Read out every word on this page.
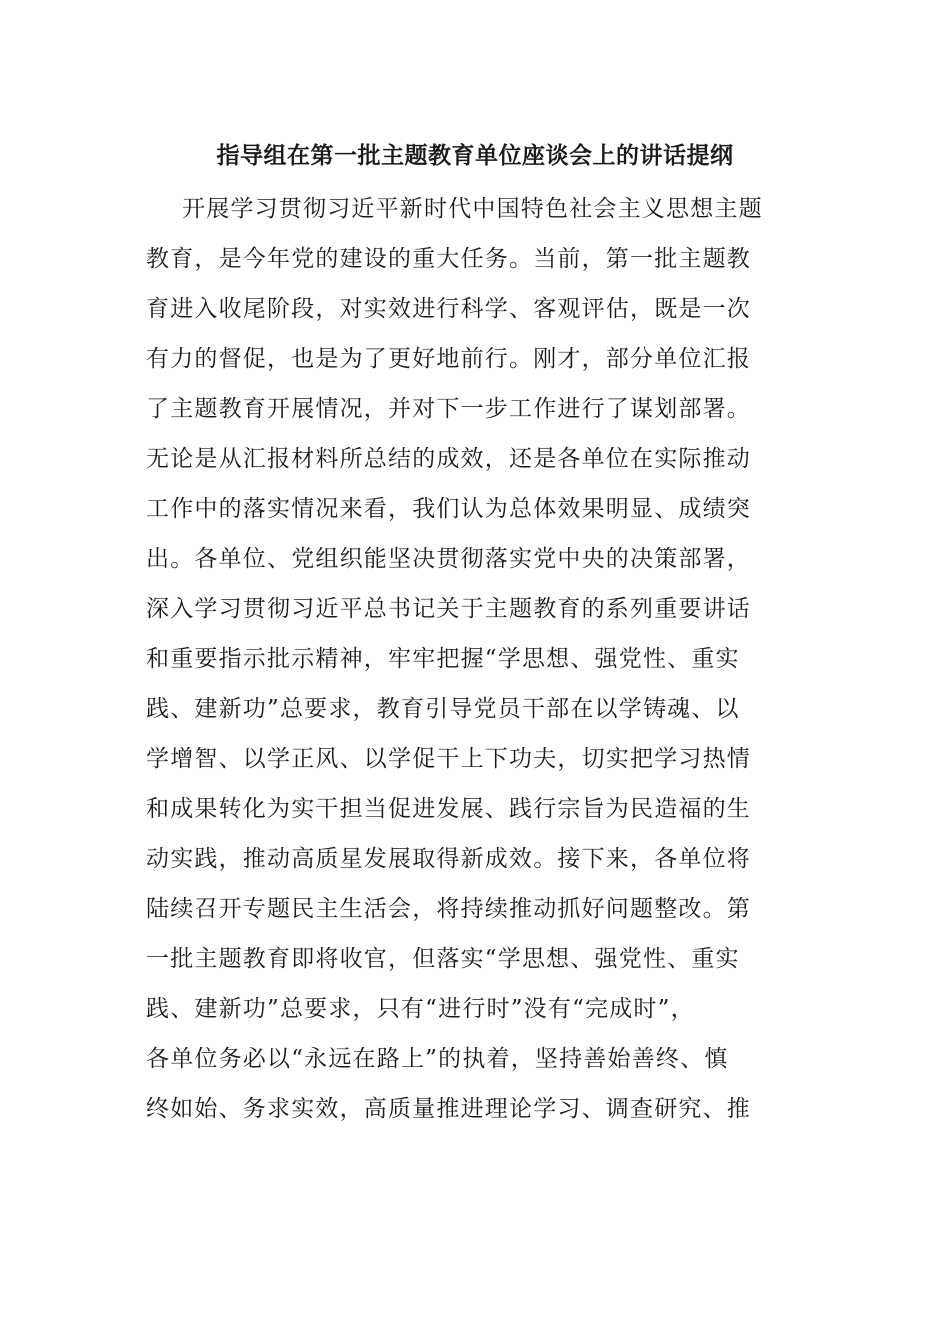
指导组在第一批主题教育单位座谈会上的讲话提纲
开展学习贯彻习近平新时代中国特色社会主义思想主题
教育，是今年党的建设的重大任务。当前，第一批主题教
育进入收尾阶段，对实效进行科学、客观评估，既是一次
有力的督促，也是为了更好地前行。刚才，部分单位汇报
了主题教育开展情况，并对下一步工作进行了谋划部署。
无论是从汇报材料所总结的成效，还是各单位在实际推动
工作中的落实情况来看，我们认为总体效果明显、成绩突
出。各单位、党组织能坚决贯彻落实党中央的决策部署，
深入学习贯彻习近平总书记关于主题教育的系列重要讲话
和重要指示批示精神，牢牢把握“学思想、强党性、重实
践、建新功”总要求，教育引导党员干部在以学铸魂、以
学增智、以学正风、以学促干上下功夫，切实把学习热情
和成果转化为实干担当促进发展、践行宗旨为民造福的生
动实践，推动高质星发展取得新成效。接下来，各单位将
陆续召开专题民主生活会，将持续推动抓好问题整改。第
一批主题教育即将收官，但落实“学思想、强党性、重实
践、建新功”总要求，只有“进行时”没有“完成时”，
各单位务必以“永远在路上”的执着，坚持善始善终、慎
终如始、务求实效，高质量推进理论学习、调查研究、推
